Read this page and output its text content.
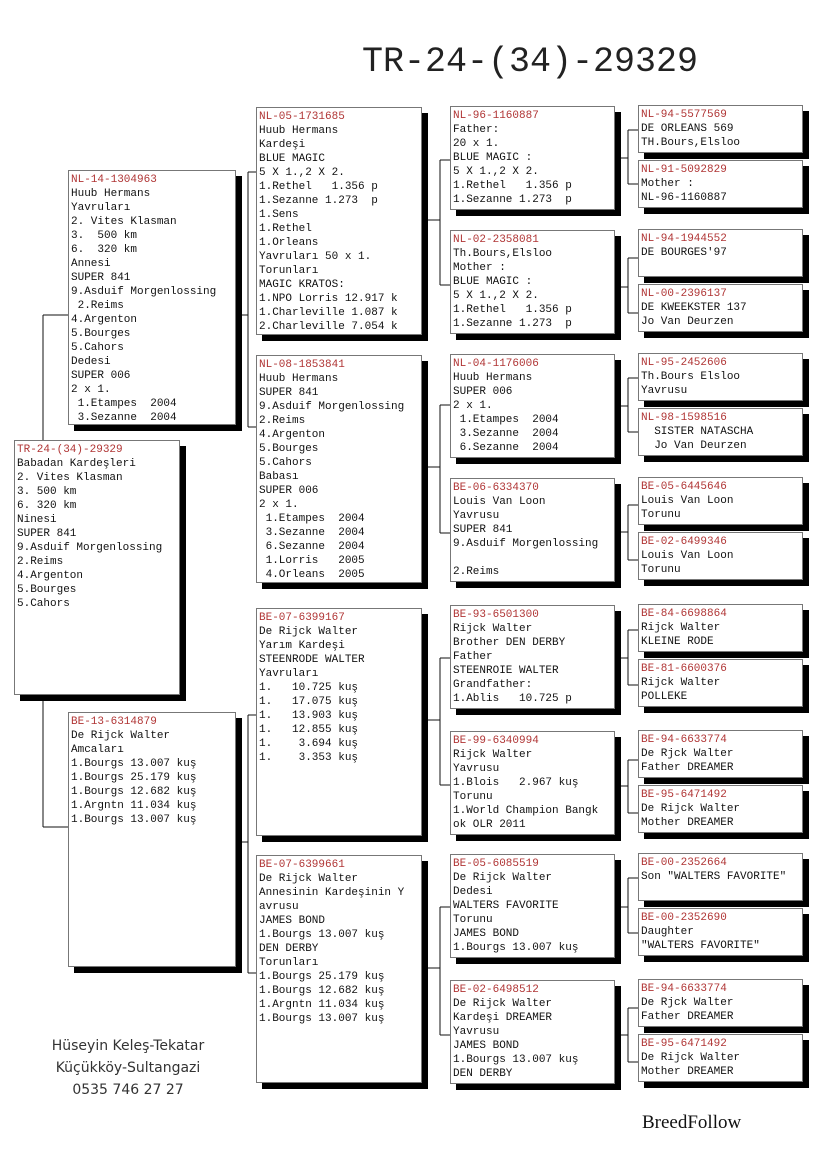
TR-24-(34)-29329
TR-24-(34)-29329
Babadan Kardeşleri
2. Vites Klasman
3. 500 km
6. 320 km
Ninesi
SUPER 841
9.Asduif Morgenlossing
2.Reims
4.Argenton
5.Bourges
5.Cahors
NL-14-1304963
Huub Hermans
Yavruları
2. Vites Klasman
3.  500 km
6.  320 km
Annesi
SUPER 841
9.Asduif Morgenlossing
2.Reims
4.Argenton
5.Bourges
5.Cahors
Dedesi
SUPER 006
2 x 1.
1.Etampes  2004
3.Sezanne  2004
BE-13-6314879
De Rijck Walter
Amcaları
1.Bourgs 13.007 kuş
1.Bourgs 25.179 kuş
1.Bourgs 12.682 kuş
1.Argntn 11.034 kuş
1.Bourgs 13.007 kuş
NL-05-1731685
Huub Hermans
Kardeşi
BLUE MAGIC
5 X 1.,2 X 2.
1.Rethel   1.356 p
1.Sezanne 1.273  p
1.Sens
1.Rethel
1.Orleans
Yavruları 50 x 1.
Torunları
MAGIC KRATOS:
1.NPO Lorris 12.917 k
1.Charleville 1.087 k
2.Charleville 7.054 k
NL-08-1853841
Huub Hermans
SUPER 841
9.Asduif Morgenlossing
2.Reims
4.Argenton
5.Bourges
5.Cahors
Babası
SUPER 006
2 x 1.
1.Etampes  2004
3.Sezanne  2004
6.Sezanne  2004
1.Lorris   2005
4.Orleans  2005
BE-07-6399167
De Rijck Walter
Yarım Kardeşi
STEENRODE WALTER
Yavruları
1.   10.725 kuş
1.   17.075 kuş
1.   13.903 kuş
1.   12.855 kuş
1.    3.694 kuş
1.    3.353 kuş
BE-07-6399661
De Rijck Walter
Annesinin Kardeşinin Y
avrusu
JAMES BOND
1.Bourgs 13.007 kuş
DEN DERBY
Torunları
1.Bourgs 25.179 kuş
1.Bourgs 12.682 kuş
1.Argntn 11.034 kuş
1.Bourgs 13.007 kuş
NL-96-1160887
Father:
20 x 1.
BLUE MAGIC :
5 X 1.,2 X 2.
1.Rethel   1.356 p
1.Sezanne 1.273  p
NL-02-2358081
Th.Bours,Elsloo
Mother :
BLUE MAGIC :
5 X 1.,2 X 2.
1.Rethel   1.356 p
1.Sezanne 1.273  p
NL-04-1176006
Huub Hermans
SUPER 006
2 x 1.
1.Etampes  2004
3.Sezanne  2004
6.Sezanne  2004
BE-06-6334370
Louis Van Loon
Yavrusu
SUPER 841
9.Asduif Morgenlossing
2.Reims
BE-93-6501300
Rijck Walter
Brother DEN DERBY
Father
STEENROIE WALTER
Grandfather:
1.Ablis   10.725 p
BE-99-6340994
Rijck Walter
Yavrusu
1.Blois   2.967 kuş
Torunu
1.World Champion Bangk
ok OLR 2011
BE-05-6085519
De Rijck Walter
Dedesi
WALTERS FAVORITE
Torunu
JAMES BOND
1.Bourgs 13.007 kuş
BE-02-6498512
De Rijck Walter
Kardeşi DREAMER
Yavrusu
JAMES BOND
1.Bourgs 13.007 kuş
DEN DERBY
NL-94-5577569
DE ORLEANS 569
TH.Bours,Elsloo
NL-91-5092829
Mother :
NL-96-1160887
NL-94-1944552
DE BOURGES'97
NL-00-2396137
DE KWEEKSTER 137
Jo Van Deurzen
NL-95-2452606
Th.Bours Elsloo
Yavrusu
NL-98-1598516
SISTER NATASCHA
Jo Van Deurzen
BE-05-6445646
Louis Van Loon
Torunu
BE-02-6499346
Louis Van Loon
Torunu
BE-84-6698864
Rijck Walter
KLEINE RODE
BE-81-6600376
Rijck Walter
POLLEKE
BE-94-6633774
De Rjck Walter
Father DREAMER
BE-95-6471492
De Rijck Walter
Mother DREAMER
BE-00-2352664
Son "WALTERS FAVORITE"
BE-00-2352690
Daughter
"WALTERS FAVORITE"
BE-94-6633774
De Rjck Walter
Father DREAMER
BE-95-6471492
De Rijck Walter
Mother DREAMER
Hüseyin Keleş-Tekatar
Küçükköy-Sultangazi
0535 746 27 27
BreedFollow
